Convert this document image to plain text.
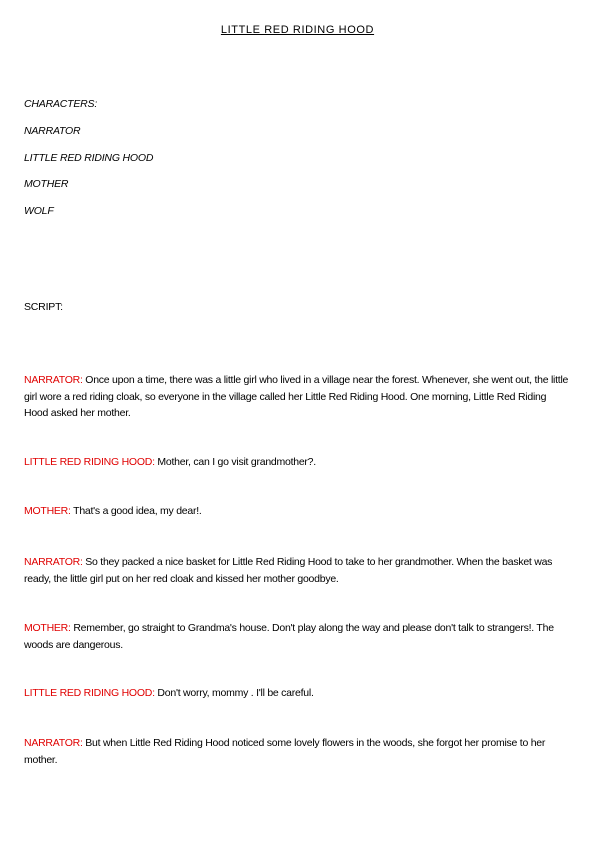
LITTLE RED RIDING HOOD
CHARACTERS:
NARRATOR
LITTLE RED RIDING HOOD
MOTHER
WOLF
SCRIPT:
NARRATOR: Once upon a time, there was a little girl who lived in a village near the forest. Whenever, she went out, the little girl wore a red riding cloak, so everyone in the village called her Little Red Riding Hood. One morning, Little Red Riding Hood asked her mother.
LITTLE RED RIDING HOOD: Mother, can I go visit grandmother?.
MOTHER: That's a good idea, my dear!.
NARRATOR: So they packed a nice basket for Little Red Riding Hood to take to her grandmother. When the basket was ready, the little girl put on her red cloak and kissed her mother goodbye.
MOTHER: Remember, go straight to Grandma's house. Don't play along the way and please don't talk to strangers!. The woods are dangerous.
LITTLE RED RIDING HOOD: Don't worry, mommy . I'll be careful.
NARRATOR: But when Little Red Riding Hood noticed some lovely flowers in the woods, she forgot her promise to her mother.
